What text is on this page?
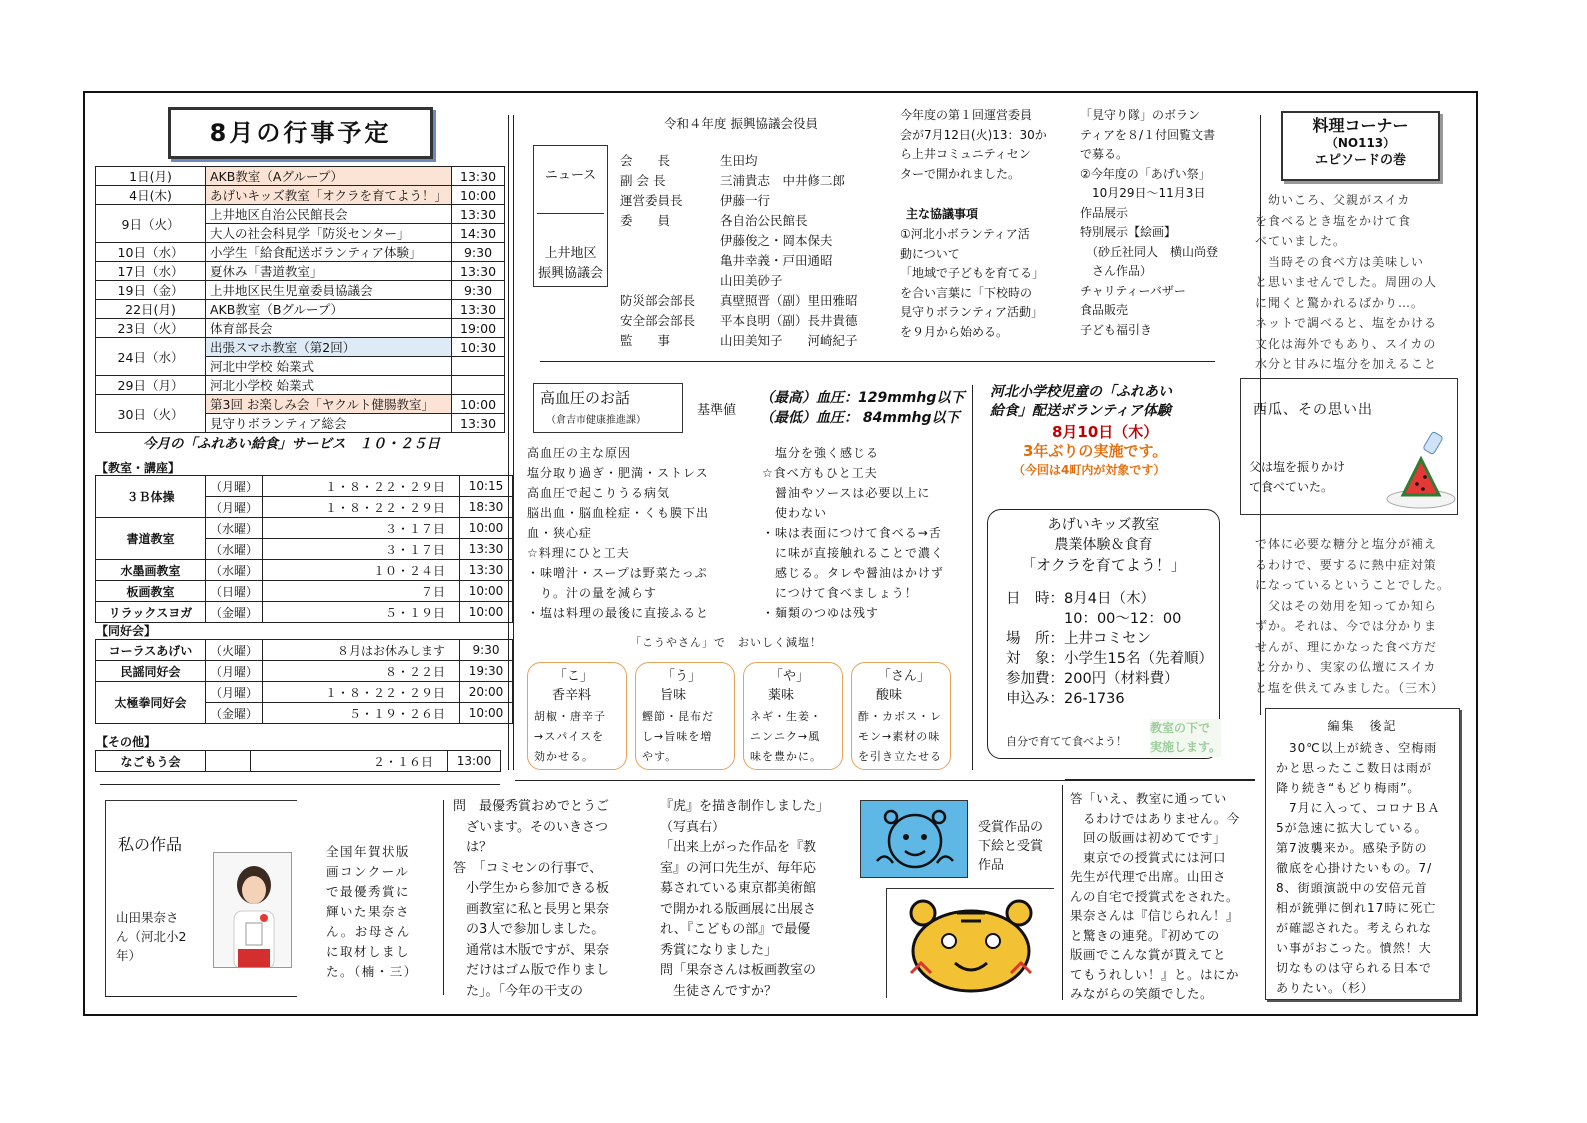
8月の行事予定
1日(月)	AKB教室（Aグループ）	13:30
4日(木)	あげいキッズ教室「オクラを育てよう！」	10:00
9日（火）	上井地区自治公民館長会	13:30
	大人の社会科見学「防災センター」	14:30
10日（水）	小学生「給食配送ボランティア体験」	9:30
17日（水）	夏休み「書道教室」	13:30
19日（金）	上井地区民生児童委員協議会	9:30
22日(月)	AKB教室（Bグループ）	13:30
23日（火）	体育部長会	19:00
24日（水）	出張スマホ教室（第2回）	10:30
	河北中学校 始業式	
29日（月）	河北小学校 始業式	
30日（火）	第3回 お楽しみ会「ヤクルト健腸教室」	10:00
	見守りボランティア総会	13:30
今月の「ふれあい給食」サービス　１０・２５日
【教室・講座】
３Ｂ体操	（月曜）	１・８・２２・２９日	10:15
	（月曜）	１・８・２２・２９日	18:30
書道教室	（水曜）	３・１７日	10:00
	（水曜）	３・１７日	13:30
水墨画教室	（水曜）	１０・２４日	13:30
板画教室	（日曜）	７日	10:00
リラックスヨガ	（金曜）	５・１９日	10:00
【同好会】
コーラスあげい	（火曜）	８月はお休みします	9:30
民謡同好会	（月曜）	８・２２日	19:30
太極拳同好会	（月曜）	１・８・２２・２９日	20:00
	（金曜）	５・１９・２６日	10:00
【その他】
なごもう会		２・１６日	13:00
ニュース
上井地区
振興協議会
令和４年度 振興協議会役員
会　　長	生田均
副 会 長	三浦貴志　中井修二郎
運営委員長	伊藤一行
委　　員	各自治公民館長
伊藤俊之・岡本保夫
亀井幸義・戸田通昭
山田美砂子
防災部会部長	真壁照晋（副）里田雅昭
安全部会部長	平本良明（副）長井貴德
監　　事	山田美知子　　河崎紀子
今年度の第１回運営委員
会が7月12日(火)13：30か
ら上井コミュニティセン
ターで開かれました。
主な協議事項
①河北小ボランティア活
動について
「地域で子どもを育てる」
を合い言葉に「下校時の
見守りボランティア活動」
を９月から始める。
「見守り隊」のボラン
ティアを８/１付回覧文書
で募る。
②今年度の「あげい祭」
　10月29日～11月3日
作品展示
特別展示【絵画】
　（砂丘社同人　横山尚登
　さん作品）
チャリティーバザー
食品販売
子ども福引き
高血圧のお話
（倉吉市健康推進課）
基準値
（最高）血圧：129mmhg以下
（最低）血圧： 84mmhg以下
高血圧の主な原因
塩分取り過ぎ・肥満・ストレス
高血圧で起こりうる病気
脳出血・脳血栓症・くも膜下出
血・狭心症
☆料理にひと工夫
・味噌汁・スープは野菜たっぷ
　り。汁の量を減らす
・塩は料理の最後に直接ふると
　塩分を強く感じる
☆食べ方もひと工夫
　醤油やソースは必要以上に
　使わない
・味は表面につけて食べる→舌
　に味が直接触れることで濃く
　感じる。タレや醤油はかけず
　につけて食べましょう！
・麺類のつゆは残す
「こうやさん」で　おいしく減塩！
「こ」
香辛料
胡椒・唐辛子
→スパイスを
効かせる。
「う」
旨味
鰹節・昆布だ
し→旨味を増
やす。
「や」
薬味
ネギ・生姜・
ニンニク→風
味を豊かに。
「さん」
酸味
酢・カボス・レ
モン→素材の味
を引き立たせる
河北小学校児童の「ふれあい
給食」配送ボランティア体験
8月10日（木）
3年ぶりの実施です。
（今回は4町内が対象です）
あげいキッズ教室
農業体験＆食育
「オクラを育てよう！」
日　時：8月4日（木）
10：00～12：00
場　所：上井コミセン
対　象：小学生15名（先着順）
参加費：200円（材料費）
申込み：26-1736
自分で育てて食べよう！
教室の下で
実施します。
料理コーナー
（NO113）
エピソードの巻
　幼いころ、父親がスイカ
を食べるとき塩をかけて食
べていました。
　当時その食べ方は美味しい
と思いませんでした。周囲の人
に聞くと驚かれるばかり…。
ネットで調べると、塩をかける
文化は海外でもあり、スイカの
水分と甘みに塩分を加えること
西瓜、その思い出
父は塩を振りかけ
て食べていた。
で体に必要な糖分と塩分が補え
るわけで、要するに熱中症対策
になっているということでした。
　父はその効用を知ってか知ら
ずか。それは、今では分かりま
せんが、理にかなった食べ方だ
と分かり、実家の仏壇にスイカ
と塩を供えてみました。（三木）
編集　後記
　30℃以上が続き、空梅雨
かと思ったここ数日は雨が
降り続き“もどり梅雨”。
　7月に入って、コロナＢＡ
5が急速に拡大している。
第7波襲来か。感染予防の
徹底を心掛けたいもの。7/
8、街頭演説中の安倍元首
相が銃弾に倒れ17時に死亡
が確認された。考えられな
い事がおこった。憤然！大
切なものは守られる日本で
ありたい。（杉）
私の作品
山田果奈さ
ん（河北小2
年）
全国年賀状版
画コンクール
で最優秀賞に
輝いた果奈さ
ん。お母さん
に取材しまし
た。（楠・三）
問　最優秀賞おめでとうご
　ざいます。そのいきさつ
　は？
答　「コミセンの行事で、
　小学生から参加できる板
　画教室に私と長男と果奈
　の3人で参加しました。
　通常は木版ですが、果奈
　だけはゴム版で作りまし
　た」。「今年の干支の
『虎』を描き制作しました」
（写真右）
「出来上がった作品を『教
室』の河口先生が、毎年応
募されている東京都美術館
で開かれる版画展に出展さ
れ、『こどもの部』で最優
秀賞になりました」
問「果奈さんは板画教室の
　生徒さんですか？
受賞作品の
下絵と受賞
作品
答「いえ、教室に通ってい
　るわけではありません。今
　回の版画は初めてです」
　東京での授賞式には河口
先生が代理で出席。山田さ
んの自宅で授賞式をされた。
果奈さんは『信じられん！』
と驚きの連発。『初めての
版画でこんな賞が貰えてと
てもうれしい！』と。はにか
みながらの笑顔でした。
